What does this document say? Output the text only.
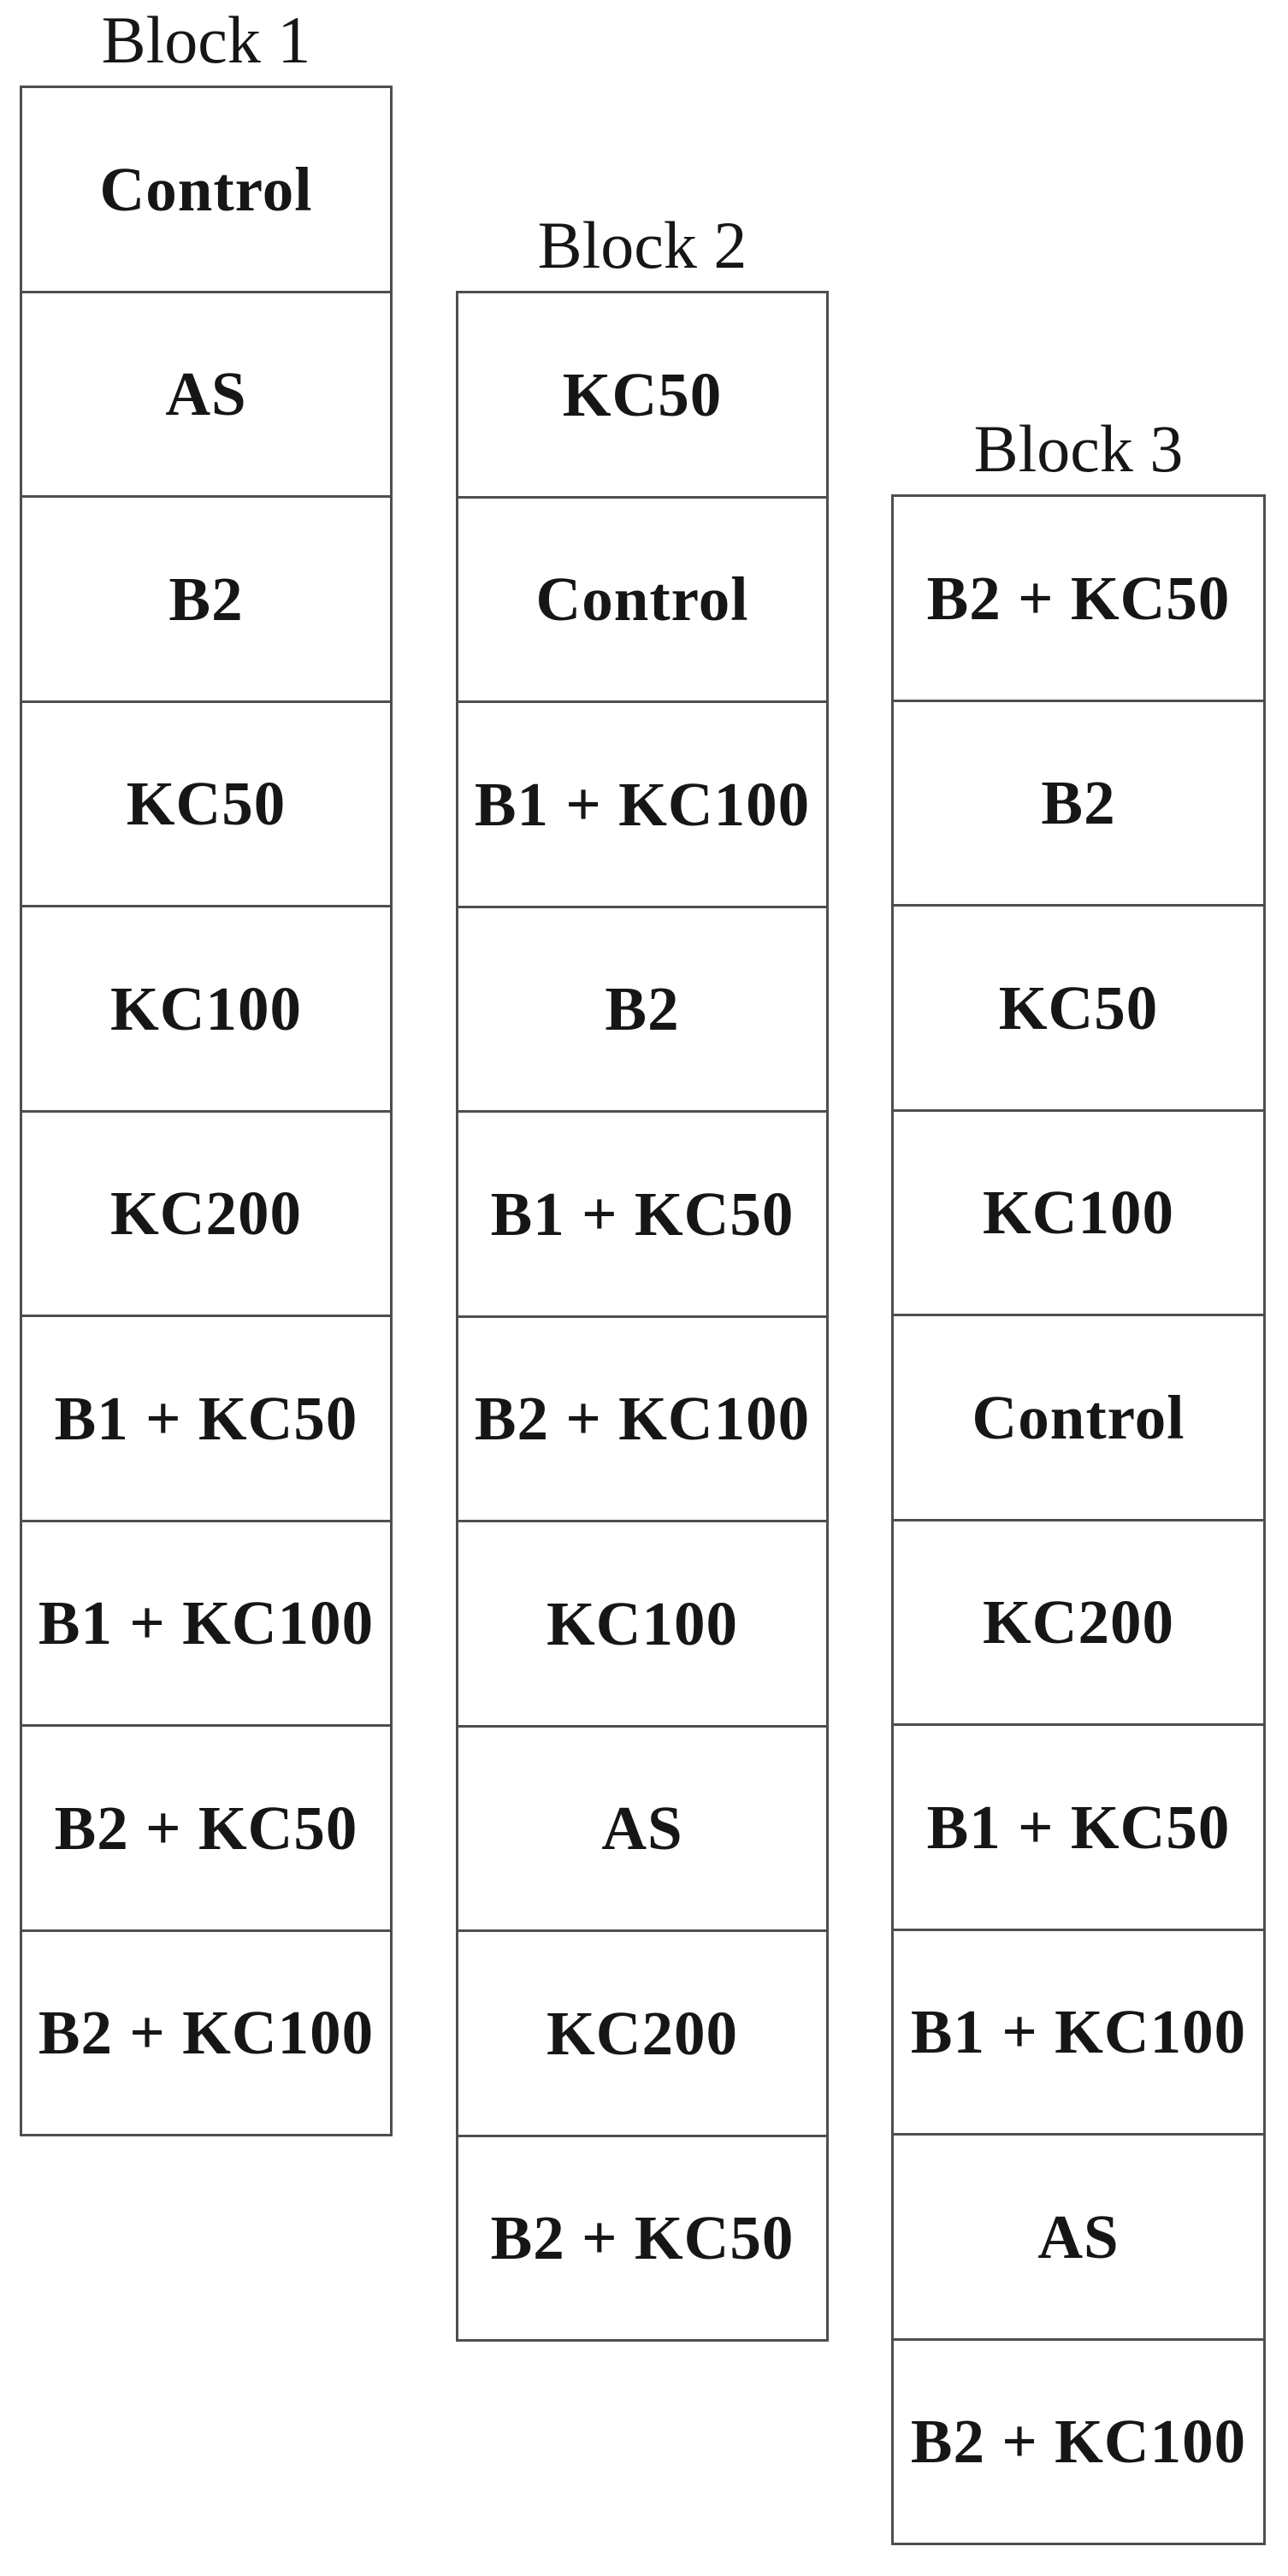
Block 1
Control
AS
B2
KC50
KC100
KC200
B1 + KC50
B1 + KC100
B2 + KC50
B2 + KC100
Block 2
KC50
Control
B1 + KC100
B2
B1 + KC50
B2 + KC100
KC100
AS
KC200
B2 + KC50
Block 3
B2 + KC50
B2
KC50
KC100
Control
KC200
B1 + KC50
B1 + KC100
AS
B2 + KC100
